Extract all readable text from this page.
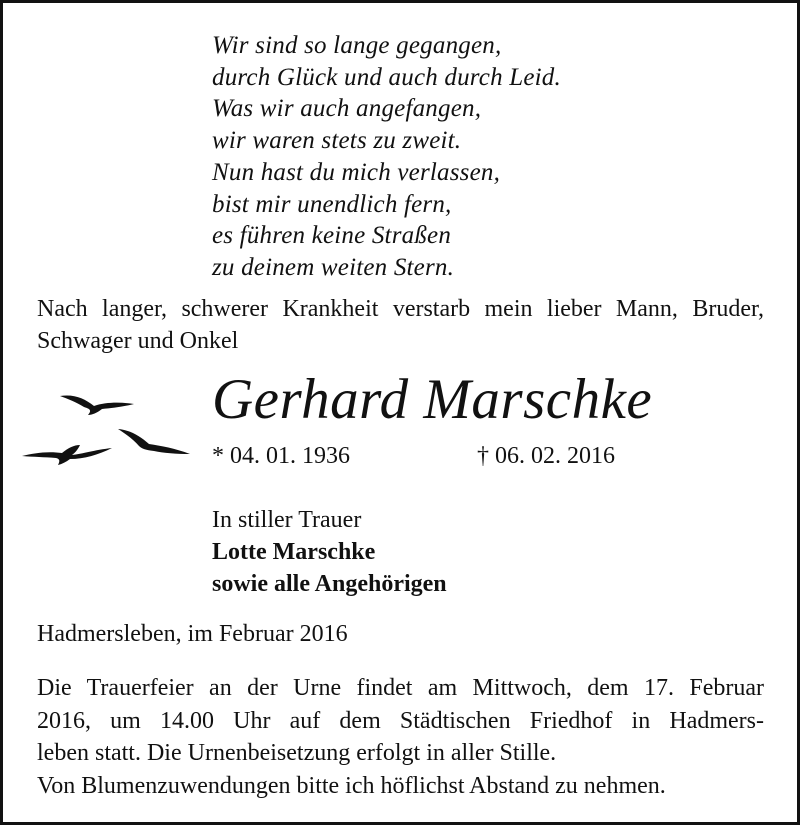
Wir sind so lange gegangen,
durch Glück und auch durch Leid.
Was wir auch angefangen,
wir waren stets zu zweit.
Nun hast du mich verlassen,
bist mir unendlich fern,
es führen keine Straßen
zu deinem weiten Stern.
Nach langer, schwerer Krankheit verstarb mein lieber Mann, Bruder, Schwager und Onkel
Gerhard Marschke
* 04. 01. 1936	† 06. 02. 2016
In stiller Trauer
Lotte Marschke
sowie alle Angehörigen
Hadmersleben, im Februar 2016
Die Trauerfeier an der Urne findet am Mittwoch, dem 17. Februar
2016, um 14.00 Uhr auf dem Städtischen Friedhof in Hadmers-
leben statt. Die Urnenbeisetzung erfolgt in aller Stille.
Von Blumenzuwendungen bitte ich höflichst Abstand zu nehmen.
